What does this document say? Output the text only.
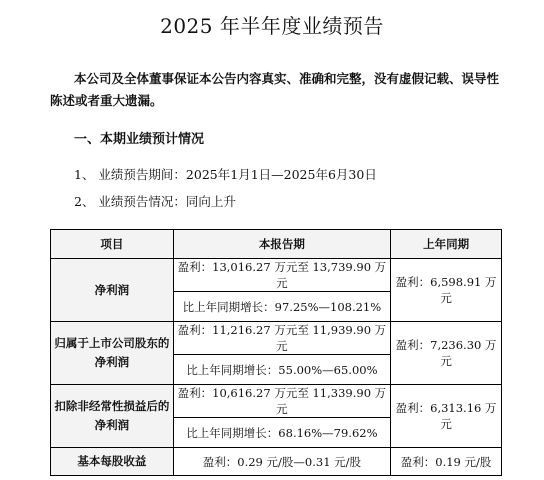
2025 年半年度业绩预告
本公司及全体董事保证本公告内容真实、准确和完整，没有虚假记载、误导性陈述或者重大遗漏。
一、本期业绩预计情况
1、 业绩预告期间：2025年1月1日—2025年6月30日
2、 业绩预告情况：同向上升
项目	本报告期	上年同期
净利润	盈利：13,016.27 万元至 13,739.90 万元	盈利：6,598.91 万元
	比上年同期增长：97.25%—108.21%	
归属于上市公司股东的净利润	盈利：11,216.27 万元至 11,939.90 万元	盈利：7,236.30 万元
	比上年同期增长：55.00%—65.00%	
扣除非经常性损益后的净利润	盈利：10,616.27 万元至 11,339.90 万元	盈利：6,313.16 万元
	比上年同期增长：68.16%—79.62%	
基本每股收益	盈利：0.29 元/股—0.31 元/股	盈利：0.19 元/股
